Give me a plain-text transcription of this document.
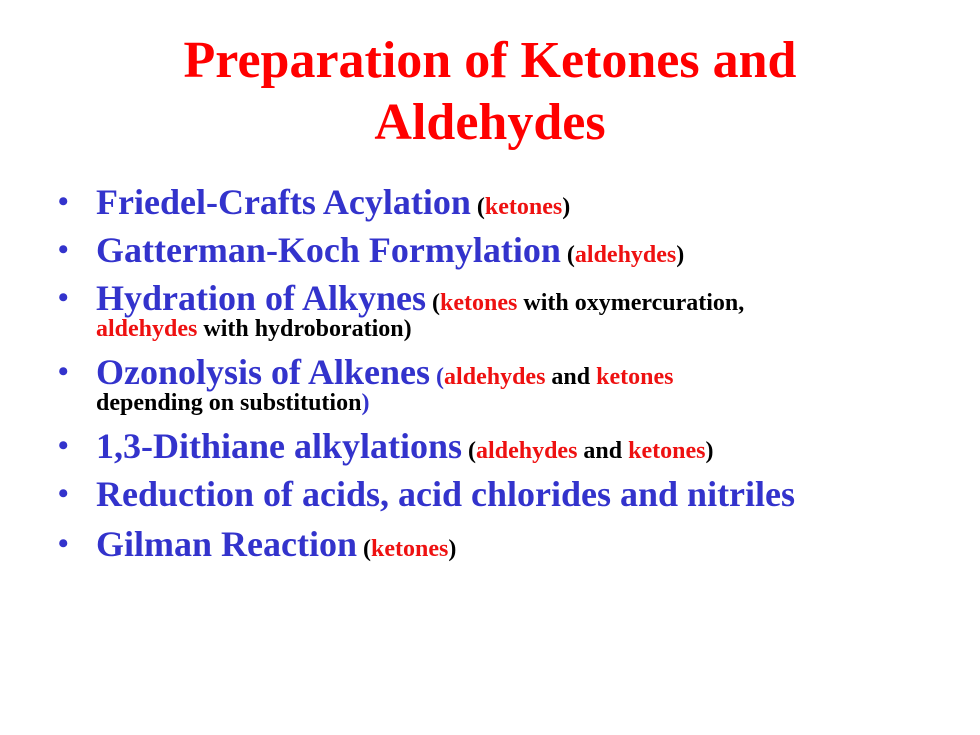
Preparation of Ketones and
Aldehydes
• Friedel-Crafts Acylation (ketones)
• Gatterman-Koch Formylation (aldehydes)
• Hydration of Alkynes (ketones with oxymercuration,
aldehydes with hydroboration)
• Ozonolysis of Alkenes (aldehydes and ketones
depending on substitution)
• 1,3-Dithiane alkylations (aldehydes and ketones)
• Reduction of acids, acid chlorides and nitriles
• Gilman Reaction (ketones)
